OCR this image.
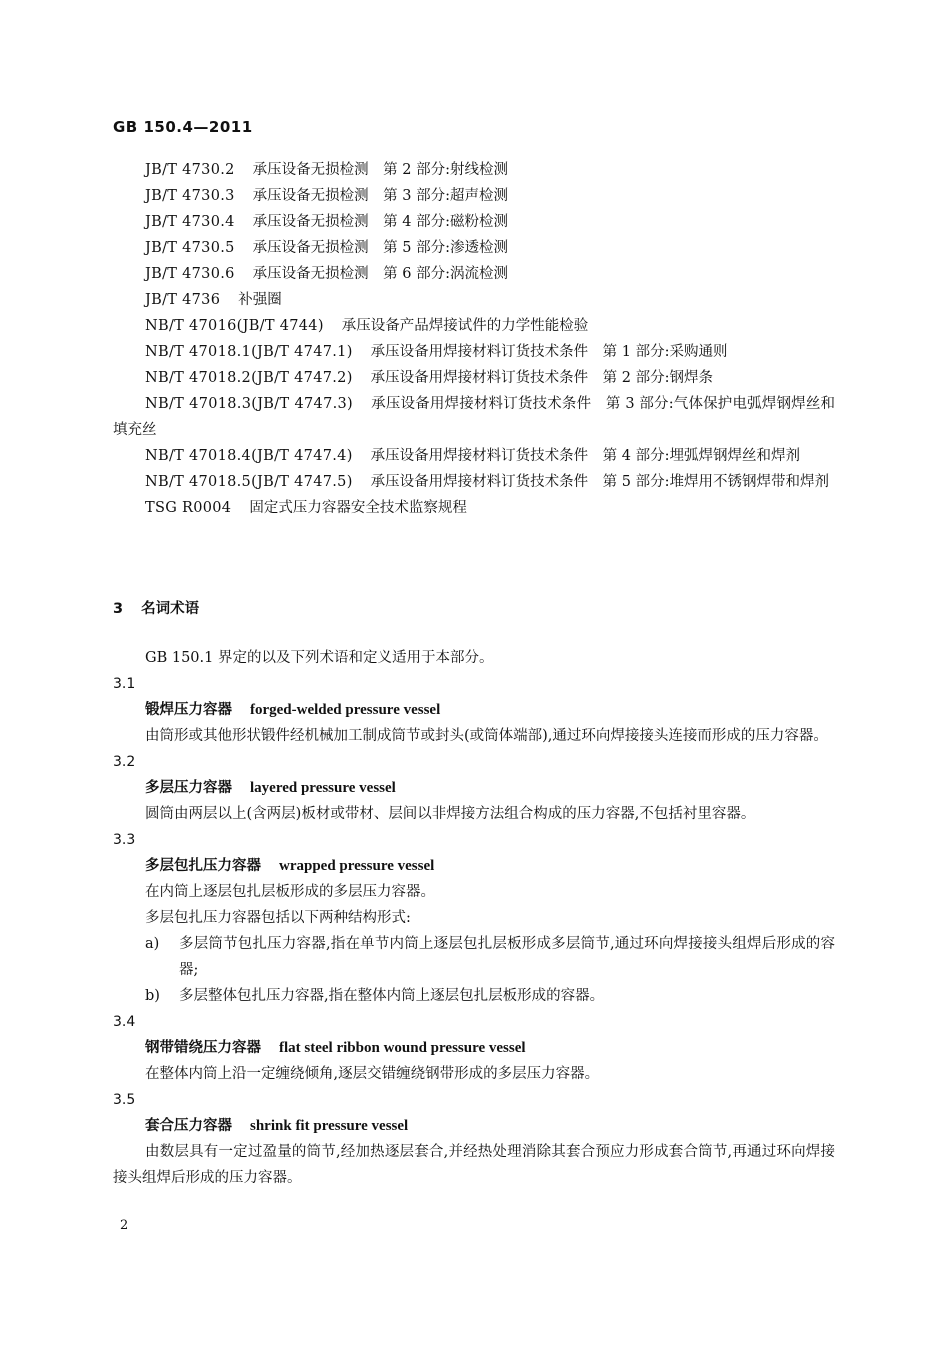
GB 150.4—2011
JB/T 4730.2 承压设备无损检测　第 2 部分:射线检测
JB/T 4730.3 承压设备无损检测　第 3 部分:超声检测
JB/T 4730.4 承压设备无损检测　第 4 部分:磁粉检测
JB/T 4730.5 承压设备无损检测　第 5 部分:渗透检测
JB/T 4730.6 承压设备无损检测　第 6 部分:涡流检测
JB/T 4736 补强圈
NB/T 47016(JB/T 4744) 承压设备产品焊接试件的力学性能检验
NB/T 47018.1(JB/T 4747.1) 承压设备用焊接材料订货技术条件　第 1 部分:采购通则
NB/T 47018.2(JB/T 4747.2) 承压设备用焊接材料订货技术条件　第 2 部分:钢焊条
NB/T 47018.3(JB/T 4747.3) 承压设备用焊接材料订货技术条件　第 3 部分:气体保护电弧焊钢焊丝和填充丝
NB/T 47018.4(JB/T 4747.4) 承压设备用焊接材料订货技术条件　第 4 部分:埋弧焊钢焊丝和焊剂
NB/T 47018.5(JB/T 4747.5) 承压设备用焊接材料订货技术条件　第 5 部分:堆焊用不锈钢焊带和焊剂
TSG R0004 固定式压力容器安全技术监察规程
3 名词术语
GB 150.1 界定的以及下列术语和定义适用于本部分。
3.1
锻焊压力容器 forged-welded pressure vessel
由筒形或其他形状锻件经机械加工制成筒节或封头(或筒体端部),通过环向焊接接头连接而形成的压力容器。
3.2
多层压力容器 layered pressure vessel
圆筒由两层以上(含两层)板材或带材、层间以非焊接方法组合构成的压力容器,不包括衬里容器。
3.3
多层包扎压力容器 wrapped pressure vessel
在内筒上逐层包扎层板形成的多层压力容器。
多层包扎压力容器包括以下两种结构形式:
a)	多层筒节包扎压力容器,指在单节内筒上逐层包扎层板形成多层筒节,通过环向焊接接头组焊后形成的容器;
b)	多层整体包扎压力容器,指在整体内筒上逐层包扎层板形成的容器。
3.4
钢带错绕压力容器 flat steel ribbon wound pressure vessel
在整体内筒上沿一定缠绕倾角,逐层交错缠绕钢带形成的多层压力容器。
3.5
套合压力容器 shrink fit pressure vessel
由数层具有一定过盈量的筒节,经加热逐层套合,并经热处理消除其套合预应力形成套合筒节,再通过环向焊接接头组焊后形成的压力容器。
2
